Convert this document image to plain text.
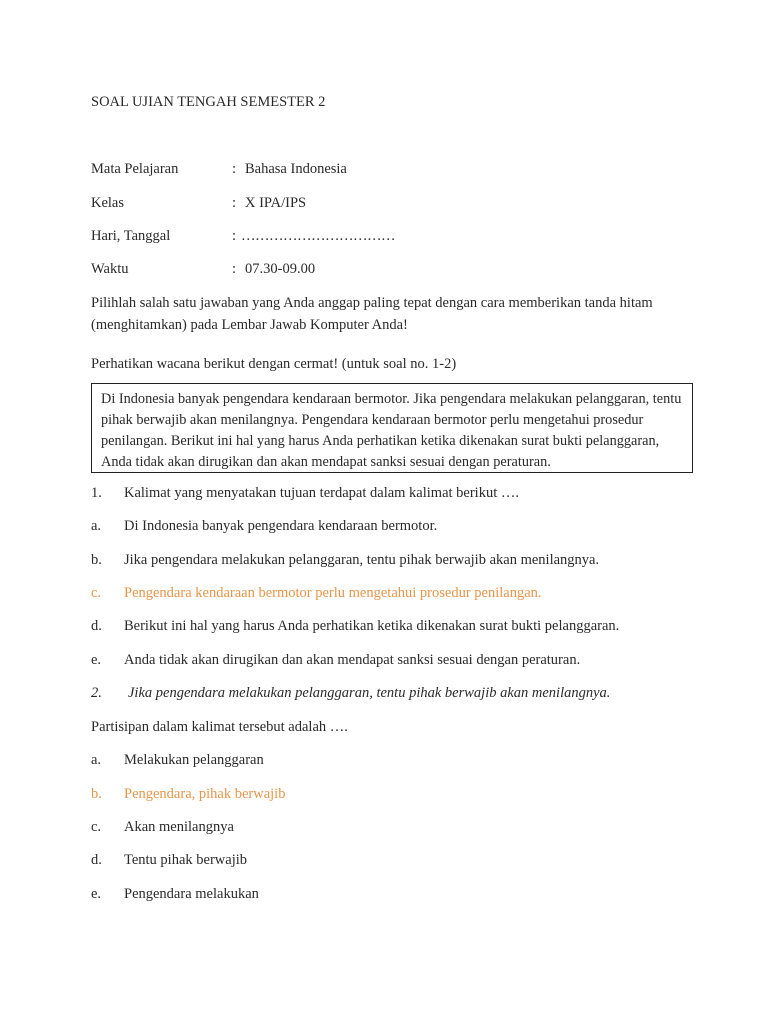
SOAL UJIAN TENGAH SEMESTER 2
Mata Pelajaran	: Bahasa Indonesia
Kelas	: X IPA/IPS
Hari, Tanggal	: ……………………………
Waktu	: 07.30-09.00
Pilihlah salah satu jawaban yang Anda anggap paling tepat dengan cara memberikan tanda hitam (menghitamkan) pada Lembar Jawab Komputer Anda!
Perhatikan wacana berikut dengan cermat! (untuk soal no. 1-2)
Di Indonesia banyak pengendara kendaraan bermotor. Jika pengendara melakukan pelanggaran, tentu pihak berwajib akan menilangnya. Pengendara kendaraan bermotor perlu mengetahui prosedur penilangan. Berikut ini hal yang harus Anda perhatikan ketika dikenakan surat bukti pelanggaran, Anda tidak akan dirugikan dan akan mendapat sanksi sesuai dengan peraturan.
1. Kalimat yang menyatakan tujuan terdapat dalam kalimat berikut ….
a. Di Indonesia banyak pengendara kendaraan bermotor.
b. Jika pengendara melakukan pelanggaran, tentu pihak berwajib akan menilangnya.
c. Pengendara kendaraan bermotor perlu mengetahui prosedur penilangan.
d. Berikut ini hal yang harus Anda perhatikan ketika dikenakan surat bukti pelanggaran.
e. Anda tidak akan dirugikan dan akan mendapat sanksi sesuai dengan peraturan.
2. Jika pengendara melakukan pelanggaran, tentu pihak berwajib akan menilangnya.
Partisipan dalam kalimat tersebut adalah ….
a. Melakukan pelanggaran
b. Pengendara, pihak berwajib
c. Akan menilangnya
d. Tentu pihak berwajib
e. Pengendara melakukan
